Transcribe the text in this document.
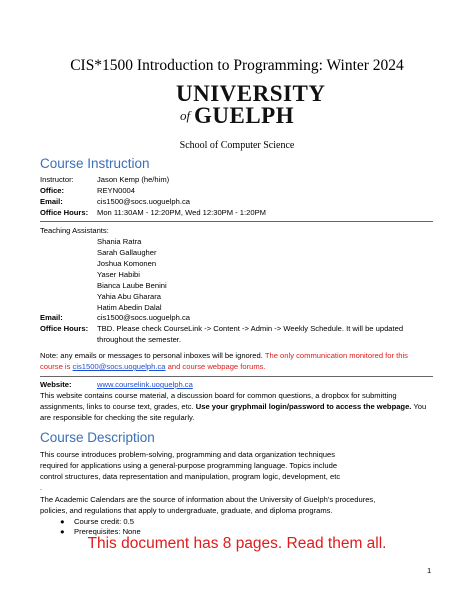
CIS*1500 Introduction to Programming: Winter 2024
UNIVERSITY
of GUELPH
School of Computer Science
Course Instruction
Instructor:	Jason Kemp (he/him)
Office:	REYN0004
Email:	cis1500@socs.uoguelph.ca
Office Hours: Mon 11:30AM - 12:20PM, Wed 12:30PM - 1:20PM
Teaching Assistants:
Shania Ratra
Sarah Gallaugher
Joshua Komonen
Yaser Habibi
Bianca Laube Benini
Yahia Abu Gharara
Hatim Abedin Dalal
Email:	cis1500@socs.uoguelph.ca
Office Hours: TBD. Please check CourseLink -> Content -> Admin -> Weekly Schedule. It will be updated
throughout the semester.
Note: any emails or messages to personal inboxes will be ignored. The only communication monitored for this
course is cis1500@socs.uoguelph.ca and course webpage forums.
Website:	www.courselink.uoguelph.ca
This website contains course material, a discussion board for common questions, a dropbox for submitting
assignments, links to course text, grades, etc. Use your gryphmail login/password to access the webpage. You
are responsible for checking the site regularly.
Course Description
This course introduces problem-solving, programming and data organization techniques
required for applications using a general-purpose programming language. Topics include
control structures, data representation and manipulation, program logic, development, etc
.
The Academic Calendars are the source of information about the University of Guelph's procedures,
policies, and regulations that apply to undergraduate, graduate, and diploma programs.
● Course credit: 0.5
● Prerequisites: None
This document has 8 pages. Read them all.
1
